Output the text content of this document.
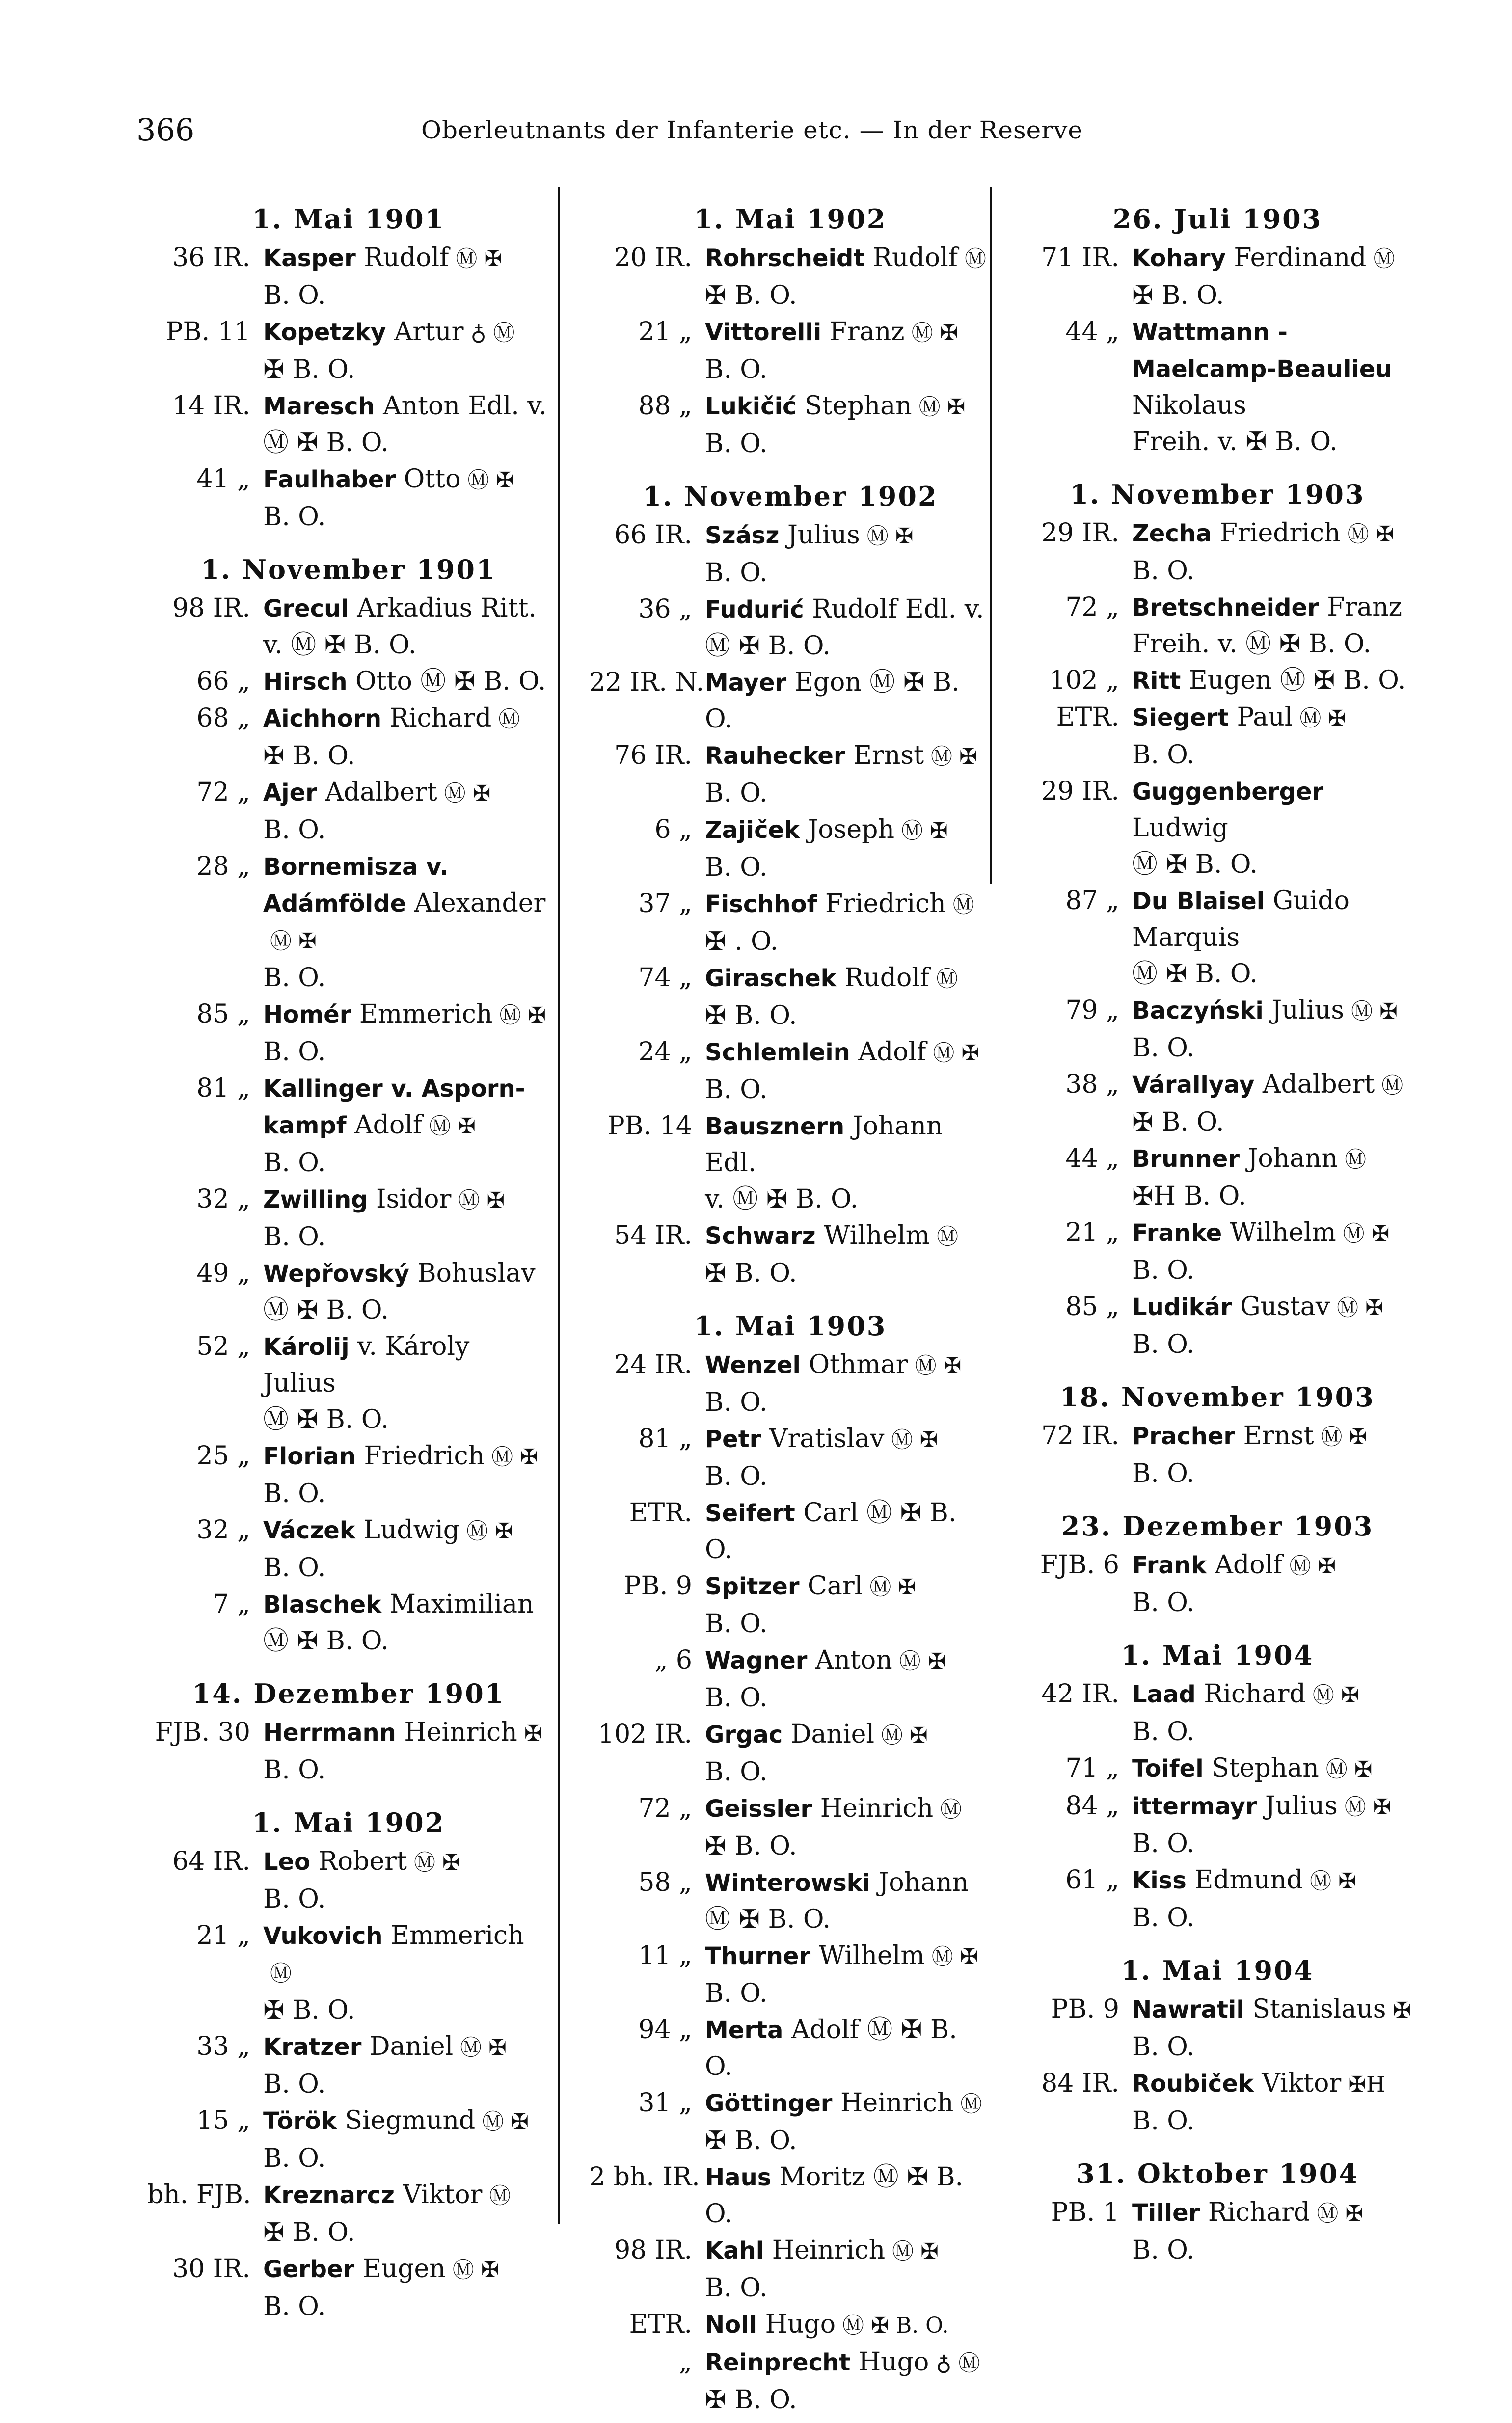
366	Oberleutnants der Infanterie etc. — In der Reserve
1. Mai 1901
36 IR. Kasper Rudolf Ⓜ ✠
B. O.
PB. 11 Kopetzky Artur ♁ Ⓜ
✠ B. O.
14 IR. Maresch Anton Edl. v.
Ⓜ ✠ B. O.
41 „ Faulhaber Otto Ⓜ ✠
B. O.
1. November 1901
98 IR. Grecul Arkadius Ritt.
v. Ⓜ ✠ B. O.
66 „ Hirsch Otto Ⓜ ✠ B. O.
68 „ Aichhorn Richard Ⓜ
✠ B. O.
72 „ Ajer Adalbert Ⓜ ✠
B. O.
28 „ Bornemisza v. Adámfölde AlexanderⓂ ✠
B. O.
85 „ Homér Emmerich Ⓜ ✠
B. O.
81 „ Kallinger v. Asporn-kampf Adolf Ⓜ ✠
B. O.
32 „ Zwilling Isidor Ⓜ ✠
B. O.
49 „ Wepřovský Bohuslav
Ⓜ ✠ B. O.
52 „ Károlij v. Károly Julius
Ⓜ ✠ B. O.
25 „ Florian Friedrich Ⓜ ✠
B. O.
32 „ Váczek Ludwig Ⓜ ✠
B. O.
7 „ Blaschek Maximilian
Ⓜ ✠ B. O.
14. Dezember 1901
FJB. 30 Herrmann Heinrich ✠
B. O.
1. Mai 1902
64 IR. Leo Robert Ⓜ ✠
B. O.
21 „ Vukovich EmmerichⓂ
✠ B. O.
33 „ Kratzer Daniel Ⓜ ✠
B. O.
15 „ Török Siegmund Ⓜ ✠
B. O.
bh. FJB. Kreznarcz Viktor Ⓜ
✠ B. O.
30 IR. Gerber Eugen Ⓜ ✠
B. O.
1. Mai 1902
20 IR. Rohrscheidt Rudolf Ⓜ
✠ B. O.
21 „ Vittorelli Franz Ⓜ ✠
B. O.
88 „ Lukičić Stephan Ⓜ ✠
B. O.
1. November 1902
66 IR. Szász Julius Ⓜ ✠
B. O.
36 „ Fudurić Rudolf Edl. v.
Ⓜ ✠ B. O.
22 IR. N. Mayer Egon Ⓜ ✠ B. O.
76 IR. Rauhecker Ernst Ⓜ ✠
B. O.
6 „ Zajiček Joseph Ⓜ ✠
B. O.
37 „ Fischhof Friedrich Ⓜ
✠ . O.
74 „ Giraschek Rudolf Ⓜ
✠ B. O.
24 „ Schlemlein Adolf Ⓜ ✠
B. O.
PB. 14 Bausznern Johann Edl.
v. Ⓜ ✠ B. O.
54 IR. Schwarz Wilhelm Ⓜ
✠ B. O.
1. Mai 1903
24 IR. Wenzel Othmar Ⓜ ✠
B. O.
81 „ Petr Vratislav Ⓜ ✠
B. O.
ETR. Seifert Carl Ⓜ ✠ B. O.
PB. 9 Spitzer Carl Ⓜ ✠
B. O.
„ 6 Wagner Anton Ⓜ ✠
B. O.
102 IR. Grgac Daniel Ⓜ ✠
B. O.
72 „ Geissler Heinrich Ⓜ
✠ B. O.
58 „ Winterowski Johann
Ⓜ ✠ B. O.
11 „ Thurner Wilhelm Ⓜ ✠
B. O.
94 „ Merta Adolf Ⓜ ✠ B. O.
31 „ Göttinger Heinrich Ⓜ
✠ B. O.
2 bh. IR. Haus Moritz Ⓜ ✠ B. O.
98 IR. Kahl Heinrich Ⓜ ✠
B. O.
ETR. Noll Hugo Ⓜ ✠ B. O.
„ Reinprecht Hugo ♁ Ⓜ
✠ B. O.
26. Juli 1903
71 IR. Kohary Ferdinand Ⓜ
✠ B. O.
44 „ Wattmann - Maelcamp-Beaulieu Nikolaus
Freih. v. ✠ B. O.
1. November 1903
29 IR. Zecha Friedrich Ⓜ ✠
B. O.
72 „ Bretschneider Franz
Freih. v. Ⓜ ✠ B. O.
102 „ Ritt Eugen Ⓜ ✠ B. O.
ETR. Siegert Paul Ⓜ ✠
B. O.
29 IR. Guggenberger Ludwig
Ⓜ ✠ B. O.
87 „ Du Blaisel Guido Marquis
Ⓜ ✠ B. O.
79 „ Baczyński Julius Ⓜ ✠
B. O.
38 „ Várallyay Adalbert Ⓜ
✠ B. O.
44 „ Brunner Johann Ⓜ
✠H B. O.
21 „ Franke Wilhelm Ⓜ ✠
B. O.
85 „ Ludikár Gustav Ⓜ ✠
B. O.
18. November 1903
72 IR. Pracher Ernst Ⓜ ✠
B. O.
23. Dezember 1903
FJB. 6 Frank Adolf Ⓜ ✠
B. O.
1. Mai 1904
42 IR. Laad Richard Ⓜ ✠
B. O.
71 „ Toifel Stephan Ⓜ ✠
84 „ ittermayr Julius Ⓜ ✠
B. O.
61 „ Kiss Edmund Ⓜ ✠
B. O.
1. Mai 1904
PB. 9 Nawratil Stanislaus ✠
B. O.
84 IR. Roubiček Viktor ✠H
B. O.
31. Oktober 1904
PB. 1 Tiller Richard Ⓜ ✠
B. O.
